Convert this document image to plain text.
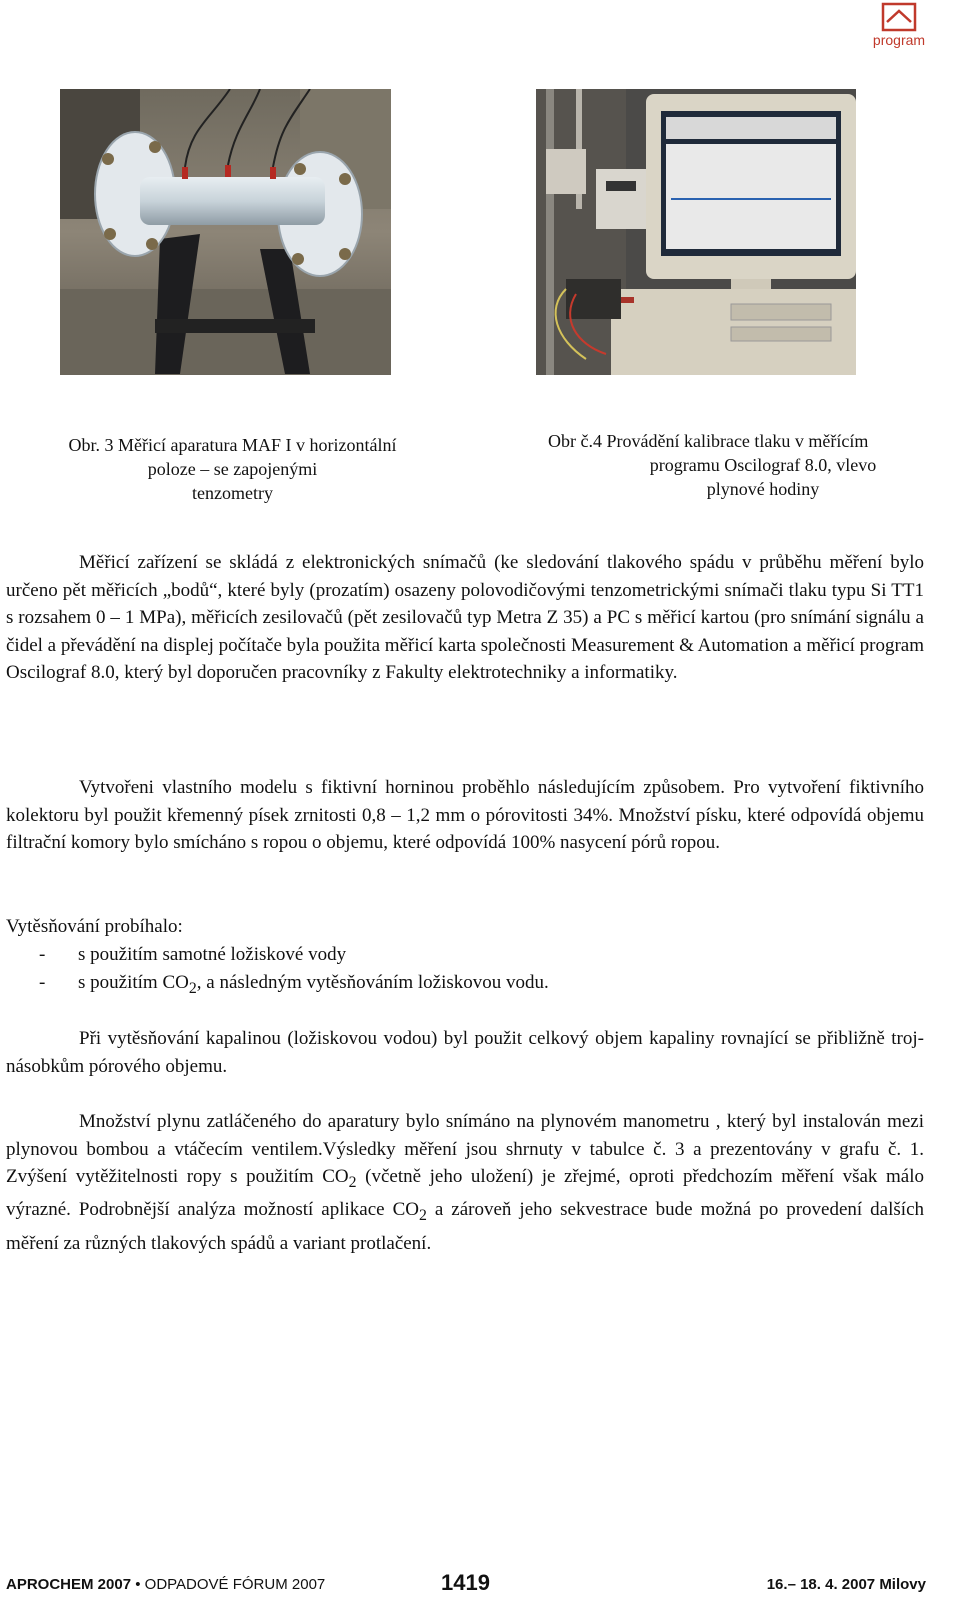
program
Obr. 3 Měřicí aparatura MAF I v horizontální
poloze – se zapojenými
tenzometry
Obr č.4 Provádění kalibrace tlaku v měřícím
programu Oscilograf 8.0, vlevo
plynové hodiny

Měřicí zařízení se skládá z elektronických snímačů (ke sledování tlakového spádu v průběhu měření bylo určeno pět měřicích „bodů“, které byly (prozatím) osazeny polovodičovými tenzometrickými snímači tlaku typu Si TT1 s rozsahem 0 – 1 MPa), měřicích zesilovačů (pět zesilovačů typ Metra Z 35) a PC s měřicí kartou (pro snímání signálu a čidel a převádění na displej počítače byla použita měřicí karta společnosti Measurement & Automation a měřicí program Oscilograf 8.0, který byl doporučen pracovníky z Fakulty elektrotechniky a informatiky.

Vytvořeni vlastního modelu s fiktivní horninou proběhlo následujícím způsobem. Pro vytvoření fiktivního kolektoru byl použit křemenný písek zrnitosti 0,8 – 1,2 mm o pórovitosti 34%. Množství písku, které odpovídá objemu filtrační komory bylo smícháno s ropou o objemu, které odpovídá 100% nasycení pórů ropou.

Vytěsňování probíhalo:

- s použitím samotné ložiskové vody
- s použitím $CO_2$, a následným vytěsňováním ložiskovou vodu.

Při vytěsňování kapalinou (ložiskovou vodou) byl použit celkový objem kapaliny rovnající se přibližně troj-násobkům pórového objemu.

Množství plynu zatláčeného do aparatury bylo snímáno na plynovém manometru , který byl instalován mezi plynovou bombou a vtáčecím ventilem.Výsledky měření jsou shrnuty v tabulce č. 3 a prezentovány v grafu č. 1. Zvýšení vytěžitelnosti ropy s použitím $CO_2$ (včetně jeho uložení) je zřejmé, oproti předchozím měření však málo výrazné. Podrobnější analýza možností aplikace $CO_2$ a zároveň jeho sekvestrace bude možná po provedení dalších měření za různých tlakových spádů a variant protlačení.

APROCHEM 2007 • ODPADOVÉ FÓRUM 2007	1419	16.– 18. 4. 2007 Milovy
